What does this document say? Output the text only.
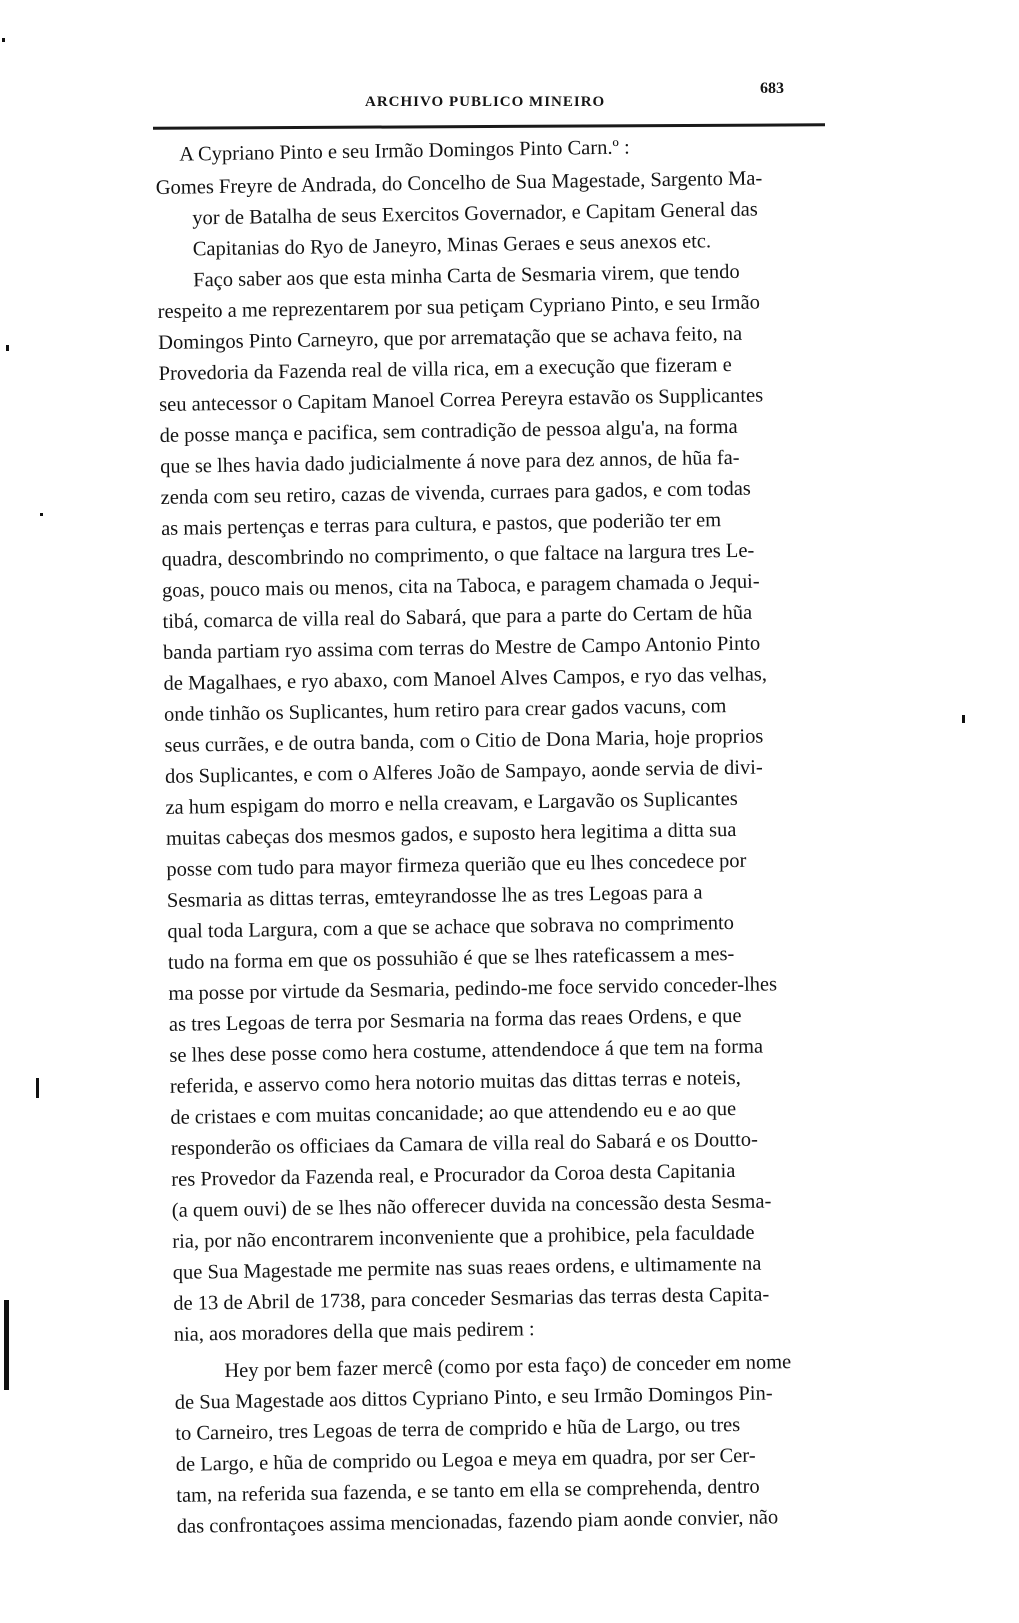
ARCHIVO PUBLICO MINEIRO
683
A Cypriano Pinto e seu Irmão Domingos Pinto Carn.º :
Gomes Freyre de Andrada, do Concelho de Sua Magestade, Sargento Ma-
yor de Batalha de seus Exercitos Governador, e Capitam General das
Capitanias do Ryo de Janeyro, Minas Geraes e seus anexos etc.
Faço saber aos que esta minha Carta de Sesmaria virem, que tendo
respeito a me reprezentarem por sua petiçam Cypriano Pinto, e seu Irmão
Domingos Pinto Carneyro, que por arrematação que se achava feito, na
Provedoria da Fazenda real de villa rica, em a execução que fizeram e
seu antecessor o Capitam Manoel Correa Pereyra estavão os Supplicantes
de posse mança e pacifica, sem contradição de pessoa algu'a, na forma
que se lhes havia dado judicialmente á nove para dez annos, de hũa fa-
zenda com seu retiro, cazas de vivenda, curraes para gados, e com todas
as mais pertenças e terras para cultura, e pastos, que poderião ter em
quadra, descombrindo no comprimento, o que faltace na largura tres Le-
goas, pouco mais ou menos, cita na Taboca, e paragem chamada o Jequi-
tibá, comarca de villa real do Sabará, que para a parte do Certam de hũa
banda partiam ryo assima com terras do Mestre de Campo Antonio Pinto
de Magalhaes, e ryo abaxo, com Manoel Alves Campos, e ryo das velhas,
onde tinhão os Suplicantes, hum retiro para crear gados vacuns, com
seus currães, e de outra banda, com o Citio de Dona Maria, hoje proprios
dos Suplicantes, e com o Alferes João de Sampayo, aonde servia de divi-
za hum espigam do morro e nella creavam, e Largavão os Suplicantes
muitas cabeças dos mesmos gados, e suposto hera legitima a ditta sua
posse com tudo para mayor firmeza querião que eu lhes concedece por
Sesmaria as dittas terras, emteyrandosse lhe as tres Legoas para a
qual toda Largura, com a que se achace que sobrava no comprimento
tudo na forma em que os possuhião é que se lhes rateficassem a mes-
ma posse por virtude da Sesmaria, pedindo-me foce servido conceder-lhes
as tres Legoas de terra por Sesmaria na forma das reaes Ordens, e que
se lhes dese posse como hera costume, attendendoce á que tem na forma
referida, e asservo como hera notorio muitas das dittas terras e noteis,
de cristaes e com muitas concanidade; ao que attendendo eu e ao que
responderão os officiaes da Camara de villa real do Sabará e os Doutto-
res Provedor da Fazenda real, e Procurador da Coroa desta Capitania
(a quem ouvi) de se lhes não offerecer duvida na concessão desta Sesma-
ria, por não encontrarem inconveniente que a prohibice, pela faculdade
que Sua Magestade me permite nas suas reaes ordens, e ultimamente na
de 13 de Abril de 1738, para conceder Sesmarias das terras desta Capita-
nia, aos moradores della que mais pedirem :
Hey por bem fazer mercê (como por esta faço) de conceder em nome
de Sua Magestade aos dittos Cypriano Pinto, e seu Irmão Domingos Pin-
to Carneiro, tres Legoas de terra de comprido e hũa de Largo, ou tres
de Largo, e hũa de comprido ou Legoa e meya em quadra, por ser Cer-
tam, na referida sua fazenda, e se tanto em ella se comprehenda, dentro
das confrontaçoes assima mencionadas, fazendo piam aonde convier, não
